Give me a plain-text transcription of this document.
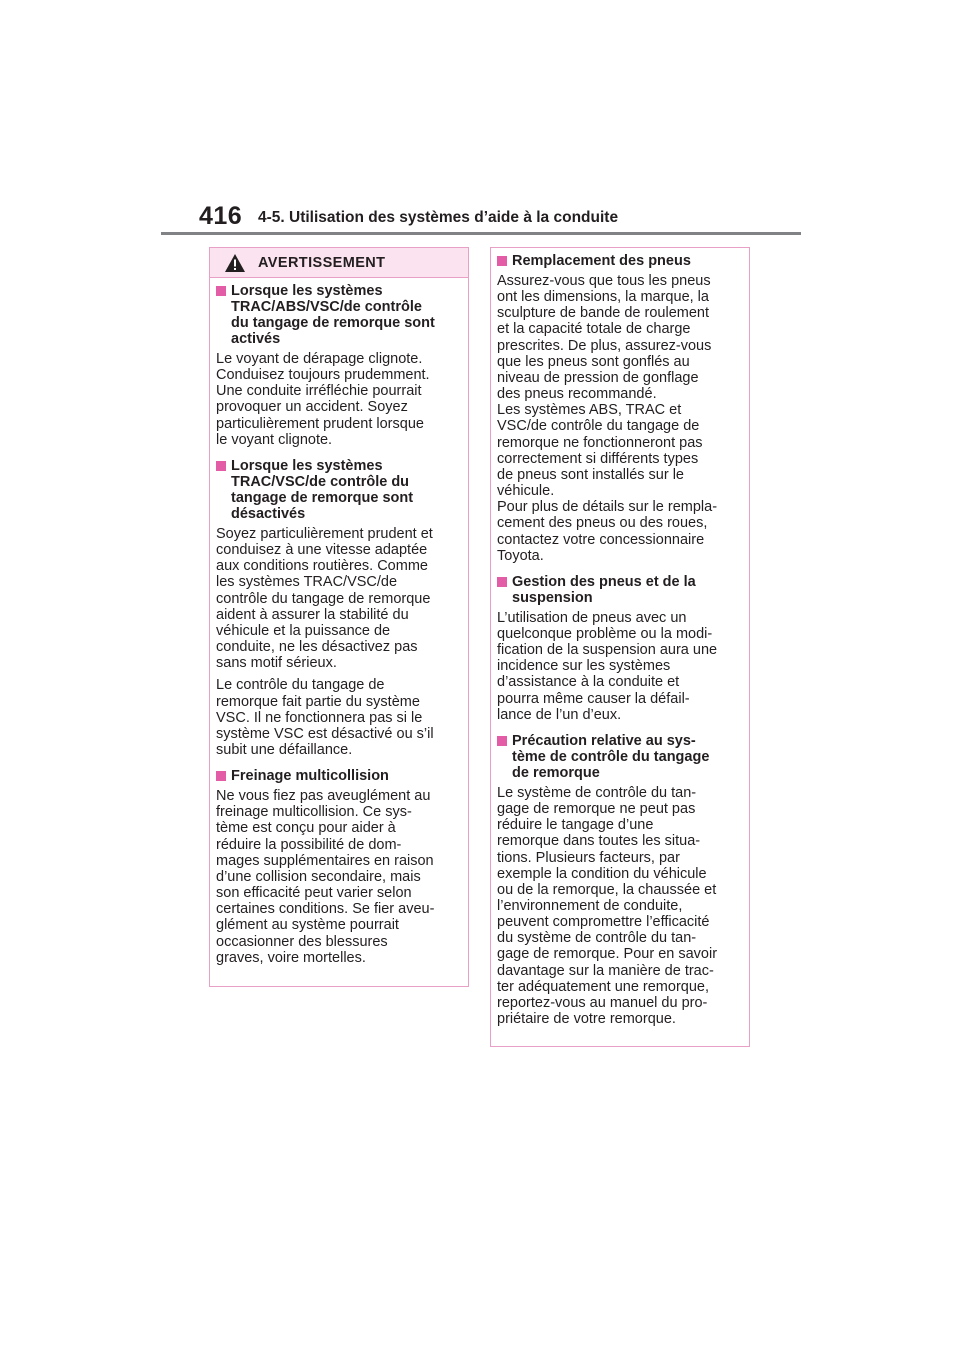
416 4-5. Utilisation des systèmes d’aide à la conduite
AVERTISSEMENT
Lorsque les systèmes
TRAC/ABS/VSC/de contrôle
du tangage de remorque sont
activés

Le voyant de dérapage clignote.
Conduisez toujours prudemment.
Une conduite irréfléchie pourrait
provoquer un accident. Soyez
particulièrement prudent lorsque
le voyant clignote.

Lorsque les systèmes
TRAC/VSC/de contrôle du
tangage de remorque sont
désactivés

Soyez particulièrement prudent et
conduisez à une vitesse adaptée
aux conditions routières. Comme
les systèmes TRAC/VSC/de
contrôle du tangage de remorque
aident à assurer la stabilité du
véhicule et la puissance de
conduite, ne les désactivez pas
sans motif sérieux.

Le contrôle du tangage de
remorque fait partie du système
VSC. Il ne fonctionnera pas si le
système VSC est désactivé ou s’il
subit une défaillance.

Freinage multicollision

Ne vous fiez pas aveuglément au
freinage multicollision. Ce sys-
tème est conçu pour aider à
réduire la possibilité de dom-
mages supplémentaires en raison
d’une collision secondaire, mais
son efficacité peut varier selon
certaines conditions. Se fier aveu-
glément au système pourrait
occasionner des blessures
graves, voire mortelles.

Remplacement des pneus

Assurez-vous que tous les pneus
ont les dimensions, la marque, la
sculpture de bande de roulement
et la capacité totale de charge
prescrites. De plus, assurez-vous
que les pneus sont gonflés au
niveau de pression de gonflage
des pneus recommandé.
Les systèmes ABS, TRAC et
VSC/de contrôle du tangage de
remorque ne fonctionneront pas
correctement si différents types
de pneus sont installés sur le
véhicule.
Pour plus de détails sur le rempla-
cement des pneus ou des roues,
contactez votre concessionnaire
Toyota.

Gestion des pneus et de la
suspension

L’utilisation de pneus avec un
quelconque problème ou la modi-
fication de la suspension aura une
incidence sur les systèmes
d’assistance à la conduite et
pourra même causer la défail-
lance de l’un d’eux.

Précaution relative au sys-
tème de contrôle du tangage
de remorque

Le système de contrôle du tan-
gage de remorque ne peut pas
réduire le tangage d’une
remorque dans toutes les situa-
tions. Plusieurs facteurs, par
exemple la condition du véhicule
ou de la remorque, la chaussée et
l’environnement de conduite,
peuvent compromettre l’efficacité
du système de contrôle du tan-
gage de remorque. Pour en savoir
davantage sur la manière de trac-
ter adéquatement une remorque,
reportez-vous au manuel du pro-
priétaire de votre remorque.
